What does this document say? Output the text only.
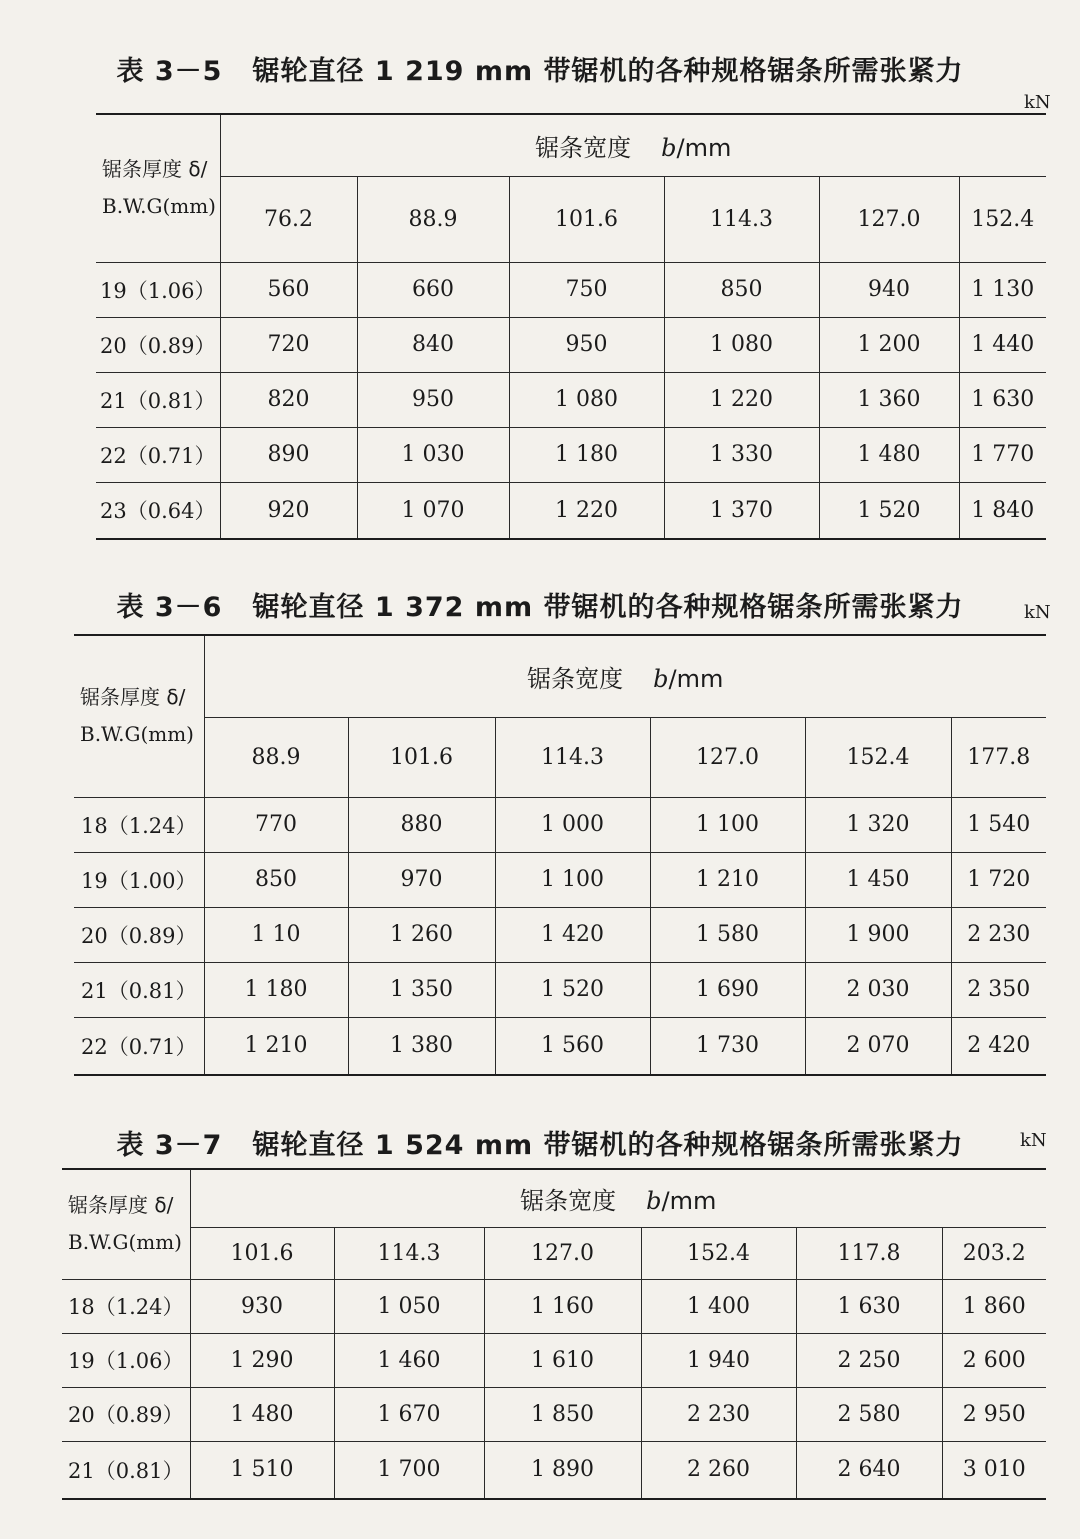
表 3－5 锯轮直径 1 219 mm 带锯机的各种规格锯条所需张紧力
kN
锯条厚度 δ/
B.W.G(mm)	锯条宽度 b/mm					
	76.2	88.9	101.6	114.3	127.0	152.4
19（1.06）	560	660	750	850	940	1 130
20（0.89）	720	840	950	1 080	1 200	1 440
21（0.81）	820	950	1 080	1 220	1 360	1 630
22（0.71）	890	1 030	1 180	1 330	1 480	1 770
23（0.64）	920	1 070	1 220	1 370	1 520	1 840
表 3－6 锯轮直径 1 372 mm 带锯机的各种规格锯条所需张紧力	kN
锯条厚度 δ/
B.W.G(mm)	锯条宽度 b/mm					
	88.9	101.6	114.3	127.0	152.4	177.8
18（1.24）	770	880	1 000	1 100	1 320	1 540
19（1.00）	850	970	1 100	1 210	1 450	1 720
20（0.89）	1 10	1 260	1 420	1 580	1 900	2 230
21（0.81）	1 180	1 350	1 520	1 690	2 030	2 350
22（0.71）	1 210	1 380	1 560	1 730	2 070	2 420
表 3－7 锯轮直径 1 524 mm 带锯机的各种规格锯条所需张紧力	kN
锯条厚度 δ/
B.W.G(mm)	锯条宽度 b/mm					
	101.6	114.3	127.0	152.4	117.8	203.2
18（1.24）	930	1 050	1 160	1 400	1 630	1 860
19（1.06）	1 290	1 460	1 610	1 940	2 250	2 600
20（0.89）	1 480	1 670	1 850	2 230	2 580	2 950
21（0.81）	1 510	1 700	1 890	2 260	2 640	3 010
